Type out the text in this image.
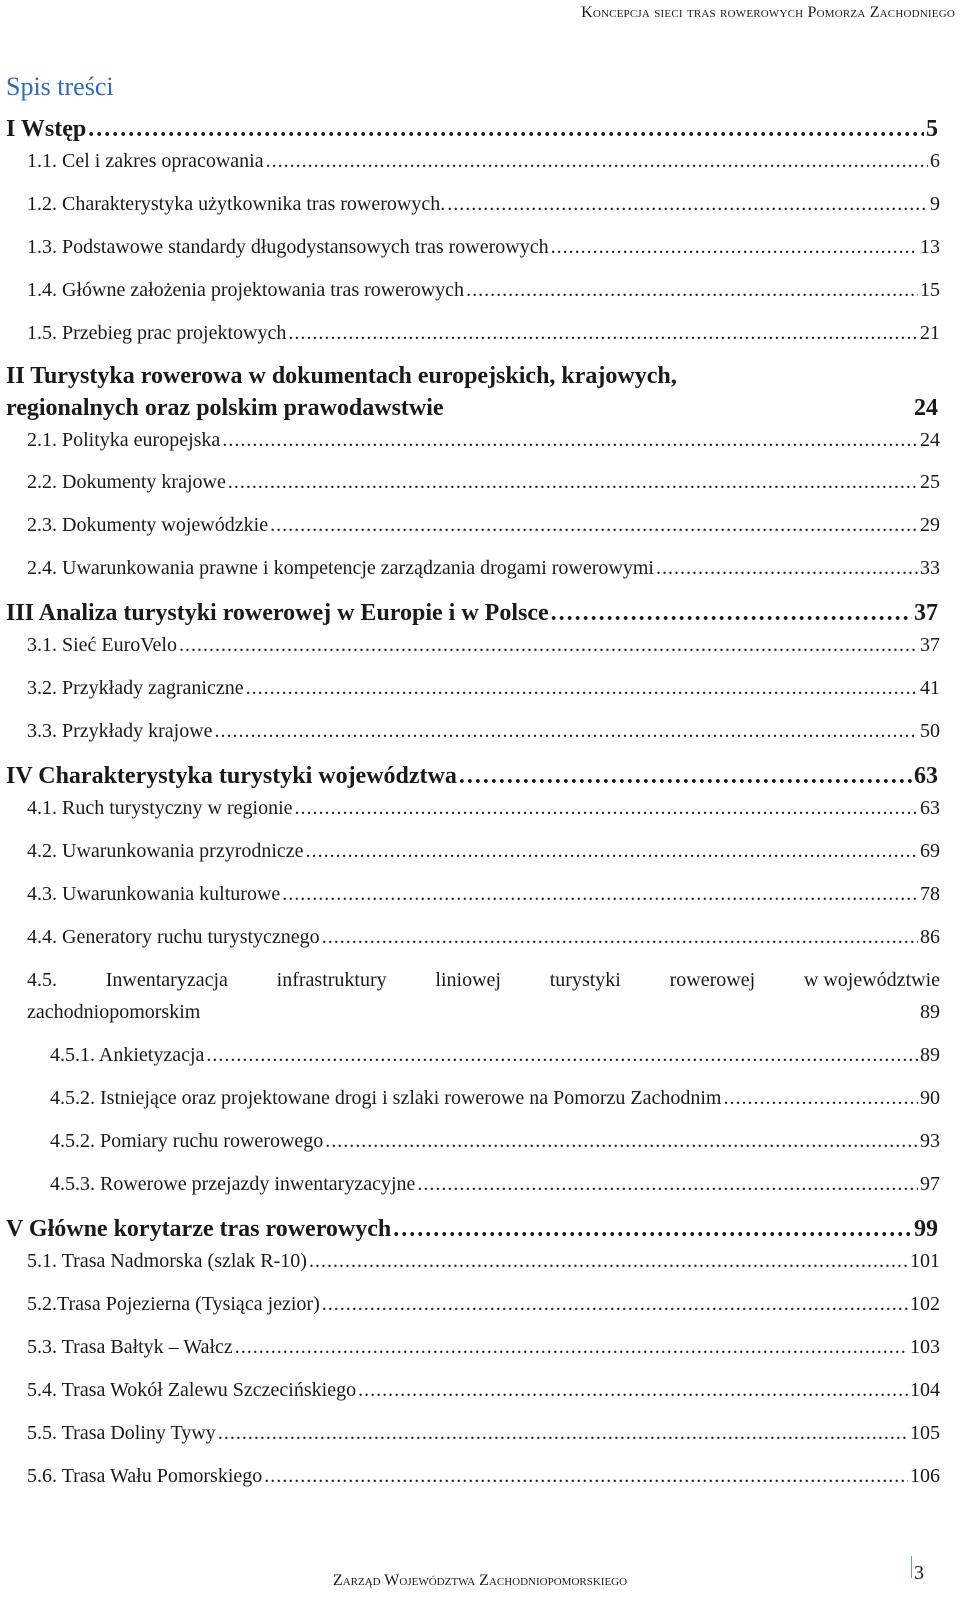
Koncepcja sieci tras rowerowych Pomorza Zachodniego
Spis treści
I Wstęp . . .	5
1.1. Cel i zakres opracowania . . .	6
1.2. Charakterystyka użytkownika tras rowerowych. . . .	9
1.3. Podstawowe standardy długodystansowych tras rowerowych . . .	13
1.4. Główne założenia projektowania tras rowerowych . . .	15
1.5. Przebieg prac projektowych . . .	21
II Turystyka rowerowa w dokumentach europejskich, krajowych,
regionalnych oraz polskim prawodawstwie	24
2.1. Polityka europejska . . .	24
2.2. Dokumenty krajowe . . .	25
2.3. Dokumenty wojewódzkie . . .	29
2.4. Uwarunkowania prawne i kompetencje zarządzania drogami rowerowymi . . .	33
III Analiza turystyki rowerowej w Europie i w Polsce . . .	37
3.1. Sieć EuroVelo . . .	37
3.2. Przykłady zagraniczne . . .	41
3.3. Przykłady krajowe . . .	50
IV Charakterystyka turystyki województwa . . .	63
4.1. Ruch turystyczny w regionie . . .	63
4.2. Uwarunkowania przyrodnicze . . .	69
4.3. Uwarunkowania kulturowe . . .	78
4.4. Generatory ruchu turystycznego . . .	86
4.5. Inwentaryzacja infrastruktury liniowej turystyki rowerowej w województwie
zachodniopomorskim	89
4.5.1. Ankietyzacja . . .	89
4.5.2. Istniejące oraz projektowane drogi i szlaki rowerowe na Pomorzu Zachodnim . . .	90
4.5.2. Pomiary ruchu rowerowego . . .	93
4.5.3. Rowerowe przejazdy inwentaryzacyjne . . .	97
V Główne korytarze tras rowerowych . . .	99
5.1. Trasa Nadmorska (szlak R-10) . . .	101
5.2.Trasa Pojezierna (Tysiąca jezior) . . .	102
5.3. Trasa Bałtyk – Wałcz . . .	103
5.4. Trasa Wokół Zalewu Szczecińskiego . . .	104
5.5. Trasa Doliny Tywy . . .	105
5.6. Trasa Wału Pomorskiego . . .	106
Zarząd Województwa Zachodniopomorskiego	3
